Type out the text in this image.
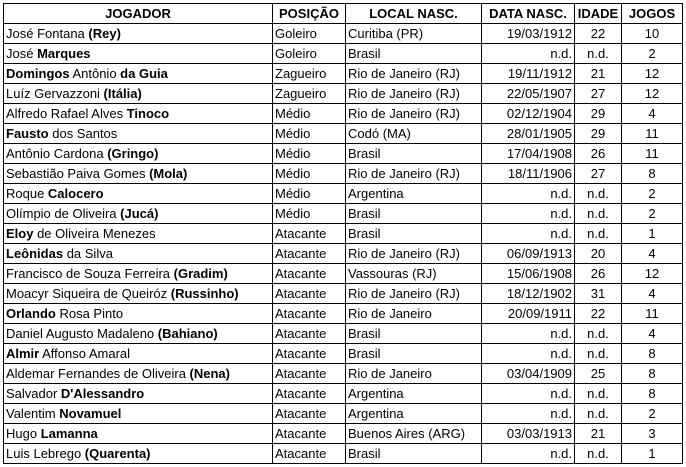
JOGADOR	POSIÇÃO	LOCAL NASC.	DATA NASC.	IDADE	JOGOS
José Fontana (Rey)	Goleiro	Curitiba (PR)	19/03/1912	22	10
José Marques	Goleiro	Brasil	n.d.	n.d.	2
Domingos Antônio da Guia	Zagueiro	Rio de Janeiro (RJ)	19/11/1912	21	12
Luíz Gervazzoni (Itália)	Zagueiro	Rio de Janeiro (RJ)	22/05/1907	27	12
Alfredo Rafael Alves Tinoco	Médio	Rio de Janeiro (RJ)	02/12/1904	29	4
Fausto dos Santos	Médio	Codó (MA)	28/01/1905	29	11
Antônio Cardona (Gringo)	Médio	Brasil	17/04/1908	26	11
Sebastião Paiva Gomes (Mola)	Médio	Rio de Janeiro (RJ)	18/11/1906	27	8
Roque Calocero	Médio	Argentina	n.d.	n.d.	2
Olímpio de Oliveira (Jucá)	Médio	Brasil	n.d.	n.d.	2
Eloy de Oliveira Menezes	Atacante	Brasil	n.d.	n.d.	1
Leônidas da Silva	Atacante	Rio de Janeiro (RJ)	06/09/1913	20	4
Francisco de Souza Ferreira (Gradim)	Atacante	Vassouras (RJ)	15/06/1908	26	12
Moacyr Siqueira de Queiróz (Russinho)	Atacante	Rio de Janeiro (RJ)	18/12/1902	31	4
Orlando Rosa Pinto	Atacante	Rio de Janeiro	20/09/1911	22	11
Daniel Augusto Madaleno (Bahiano)	Atacante	Brasil	n.d.	n.d.	4
Almir Affonso Amaral	Atacante	Brasil	n.d.	n.d.	8
Aldemar Fernandes de Oliveira (Nena)	Atacante	Rio de Janeiro	03/04/1909	25	8
Salvador D'Alessandro	Atacante	Argentina	n.d.	n.d.	8
Valentim Novamuel	Atacante	Argentina	n.d.	n.d.	2
Hugo Lamanna	Atacante	Buenos Aires (ARG)	03/03/1913	21	3
Luis Lebrego (Quarenta)	Atacante	Brasil	n.d.	n.d.	1
